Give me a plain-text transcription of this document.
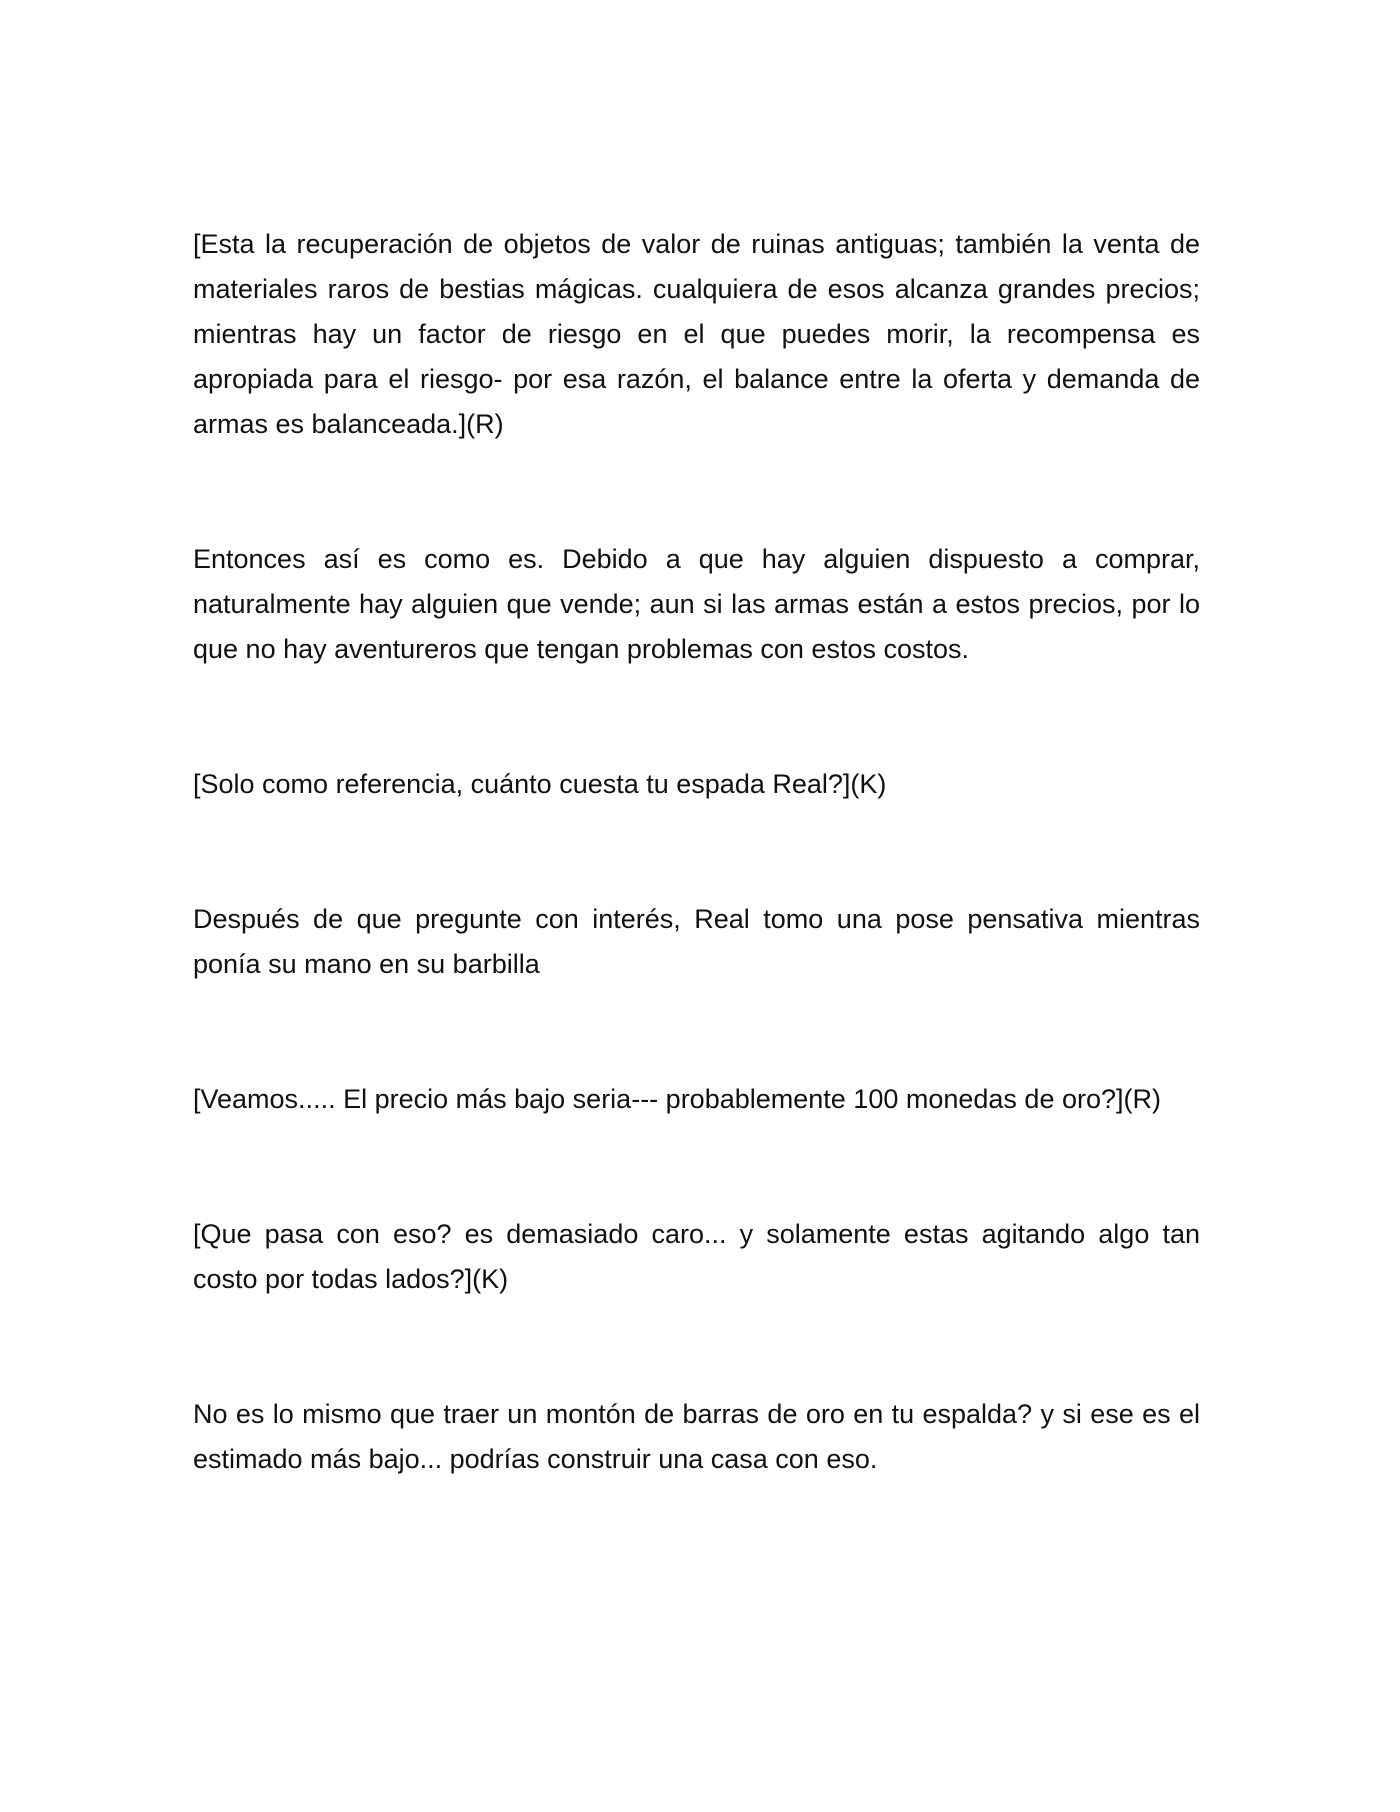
[Esta la recuperación de objetos de valor de ruinas antiguas; también la venta de materiales raros de bestias mágicas. cualquiera de esos alcanza grandes precios; mientras hay un factor de riesgo en el que puedes morir, la recompensa es apropiada para el riesgo- por esa razón, el balance entre la oferta y demanda de armas es balanceada.](R)

Entonces así es como es. Debido a que hay alguien dispuesto a comprar, naturalmente hay alguien que vende; aun si las armas están a estos precios, por lo que no hay aventureros que tengan problemas con estos costos.

[Solo como referencia, cuánto cuesta tu espada Real?](K)

Después de que pregunte con interés, Real tomo una pose pensativa mientras ponía su mano en su barbilla

[Veamos..... El precio más bajo seria--- probablemente 100 monedas de oro?](R)

[Que pasa con eso? es demasiado caro... y solamente estas agitando algo tan costo por todas lados?](K)

No es lo mismo que traer un montón de barras de oro en tu espalda? y si ese es el estimado más bajo... podrías construir una casa con eso.
